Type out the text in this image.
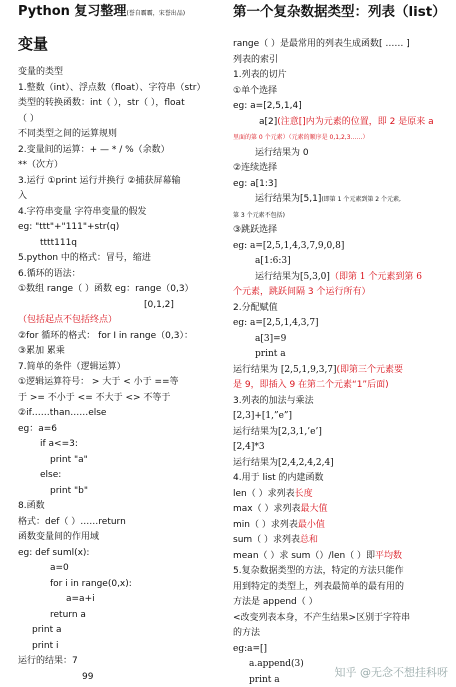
Python 复习整理(誉自霸霸，宋誉出品)
变量
变量的类型
1.整数（int）、浮点数（float）、字符串（str）
类型的转换函数：int（ ），str（ ），float
（ ）
不同类型之间的运算规则
2.变量间的运算：+ — * / %（余数）
**（次方）
3.运行 ①print 运行并换行 ②捕获屏幕输
入
4.字符串变量 字符串变量的假发
eg: "ttt"+"111"+str(q)
tttt111q
5.python 中的格式：冒号，缩进
6.循环的语法：
①数组 range（ ）函数 eg：range（0,3）
[0,1,2]
（包括起点不包括终点）
②for 循环的格式： for I in range（0,3）：
③累加 累乘
7.简单的条件（逻辑运算）
①逻辑运算符号： > 大于 < 小于 ==等
于 >= 不小于 <= 不大于 <> 不等于
②if……than……else
eg：a=6
if a<=3:
print "a"
else:
print "b"
8.函数
格式：def（ ）……return
函数变量间的作用域
eg: def suml(x):
a=0
for i in range(0,x):
a=a+i
return a
print a
print i
运行的结果：7
99
第一个复杂数据类型：列表（list）
range（ ）是最常用的列表生成函数[ …… ]
列表的索引
1.列表的切片
①单个选择
eg: a=[2,5,1,4]
a[2](注意[]内为元素的位置，即 2 是原来 a
里面的第 0 个元素）（元素的顺序是 0,1,2,3……）
运行结果为 0
②连续选择
eg: a[1:3]
运行结果为[5,1](即第 1 个元素到第 2 个元素,
第 3 个元素不包括)
③跳跃选择
eg: a=[2,5,1,4,3,7,9,0,8]
a[1:6:3]
运行结果为[5,3,0]（即第 1 个元素到第 6
个元素，跳跃间隔 3 个运行所有）
2.分配赋值
eg: a=[2,5,1,4,3,7]
a[3]=9
print a
运行结果为 [2,5,1,9,3,7](即第三个元素要
是 9，即插入 9 在第二个元素“1”后面)
3.列表的加法与乘法
[2,3]+[1,”e”]
运行结果为[2,3,1,’e’]
[2,4]*3
运行结果为[2,4,2,4,2,4]
4.用于 list 的内建函数
len（ ）求列表长度
max（ ）求列表最大值
min（ ）求列表最小值
sum（ ）求列表总和
mean（ ）求 sum（）/len（ ）即平均数
5.复杂数据类型的方法，特定的方法只能作
用到特定的类型上，列表最简单的最有用的
方法是 append（ ）
<改变列表本身，不产生结果>区别于字符串
的方法
eg:a=[]
a.append(3)
print a
知乎 @无念不想挂科呀
